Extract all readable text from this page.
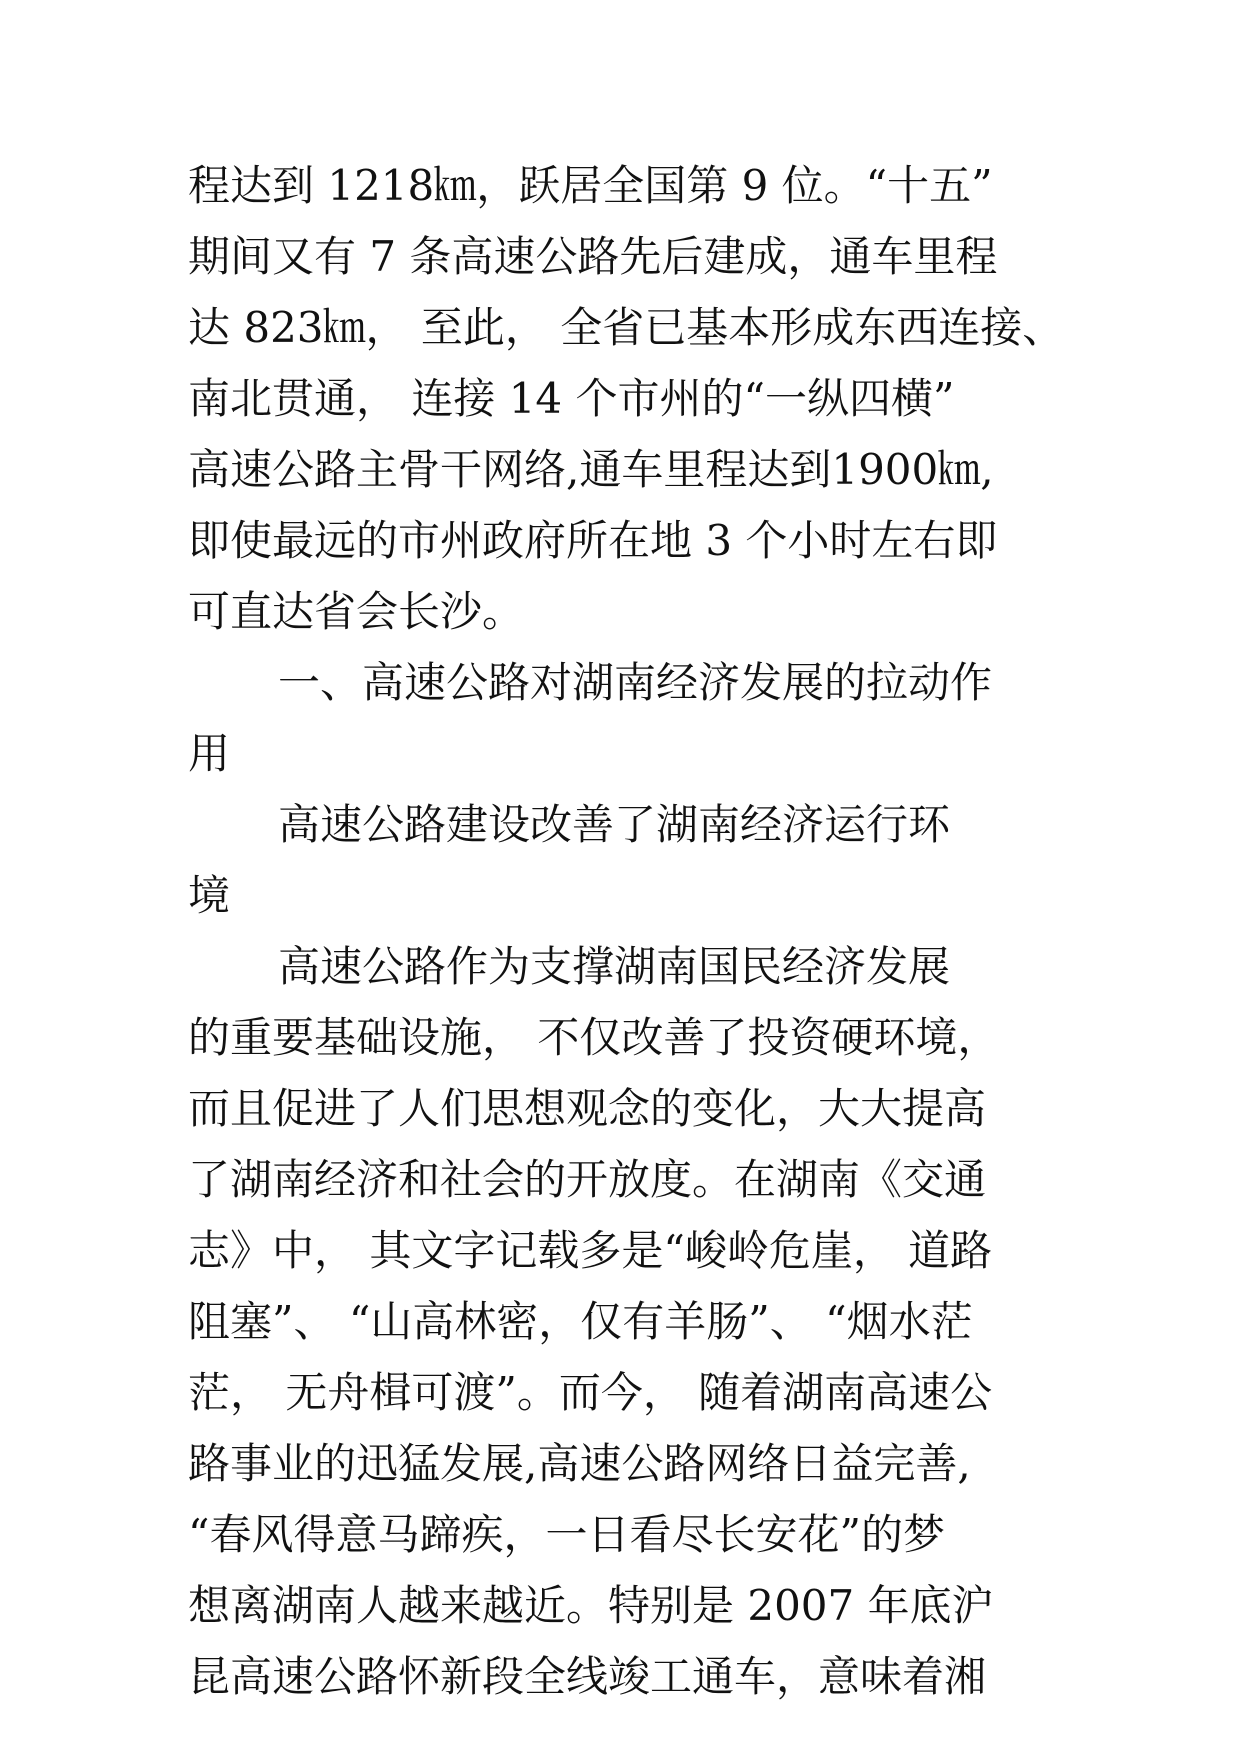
程达到 1218㎞，跃居全国第 9 位。“十五”
期间又有 7 条高速公路先后建成，通车里程
达 823㎞， 至此， 全省已基本形成东西连接、
南北贯通， 连接 14 个市州的“一纵四横”
高速公路主骨干网络,通车里程达到1900㎞,
即使最远的市州政府所在地 3 个小时左右即
可直达省会长沙。
一、高速公路对湖南经济发展的拉动作
用
高速公路建设改善了湖南经济运行环
境
高速公路作为支撑湖南国民经济发展
的重要基础设施， 不仅改善了投资硬环境，
而且促进了人们思想观念的变化，大大提高
了湖南经济和社会的开放度。在湖南《交通
志》中， 其文字记载多是“峻岭危崖， 道路
阻塞”、 “山高林密，仅有羊肠”、 “烟水茫
茫， 无舟楫可渡”。而今， 随着湖南高速公
路事业的迅猛发展,高速公路网络日益完善,
“春风得意马蹄疾，一日看尽长安花”的梦
想离湖南人越来越近。特别是 2007 年底沪
昆高速公路怀新段全线竣工通车，意味着湘
